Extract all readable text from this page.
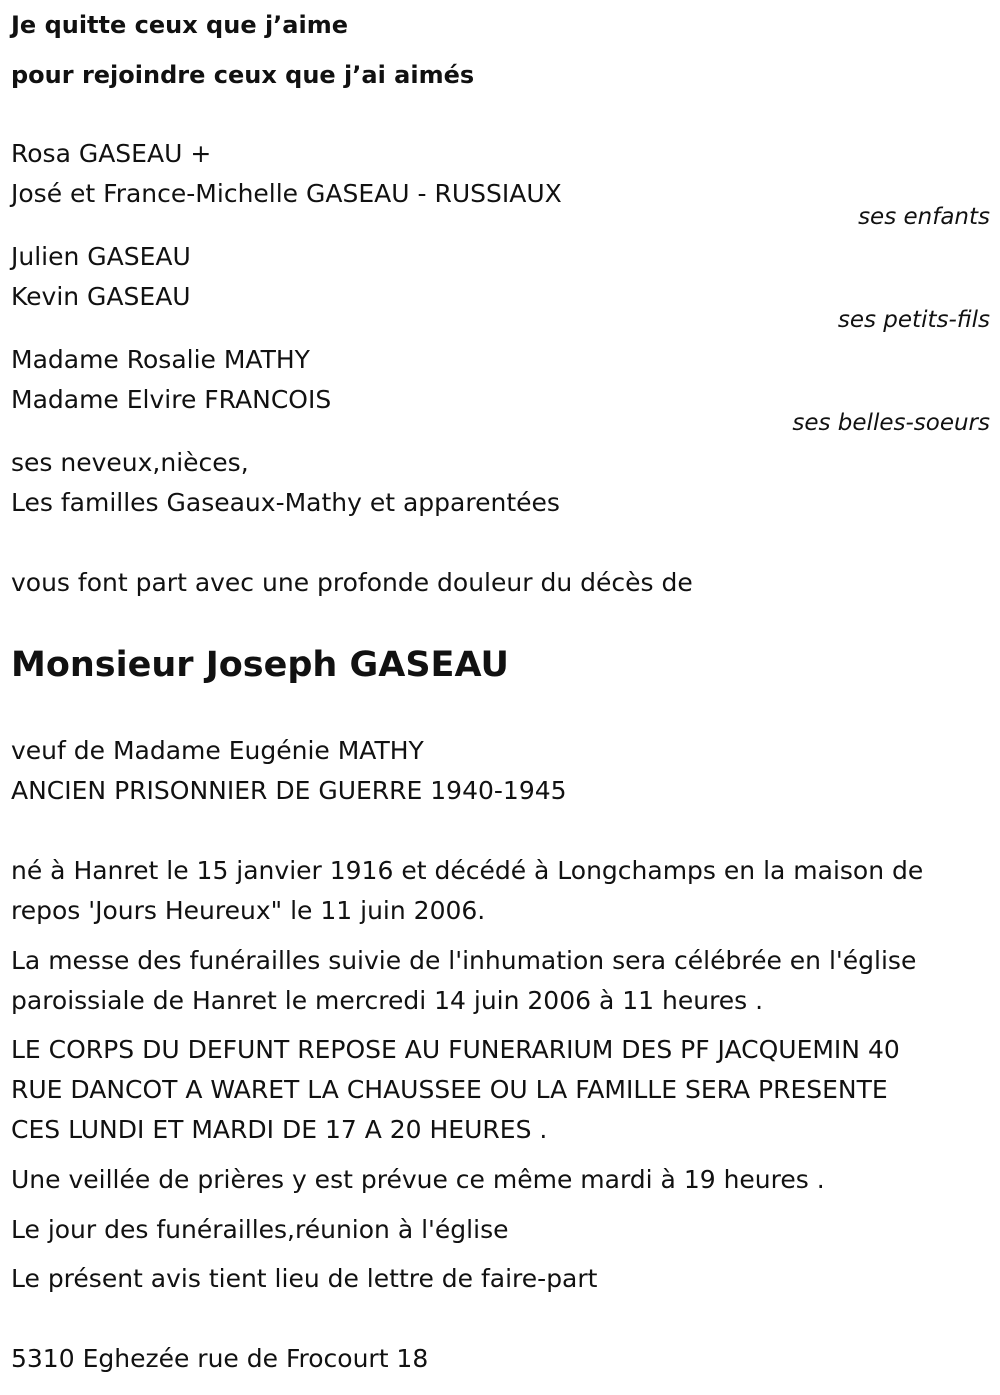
Je quitte ceux que j’aime
pour rejoindre ceux que j’ai aimés
Rosa GASEAU +
José et France-Michelle GASEAU - RUSSIAUX
ses enfants
Julien GASEAU
Kevin GASEAU
ses petits-fils
Madame Rosalie MATHY
Madame Elvire FRANCOIS
ses belles-soeurs
ses neveux,nièces,
Les familles Gaseaux-Mathy et apparentées
vous font part avec une profonde douleur du décès de
Monsieur Joseph GASEAU
veuf de Madame Eugénie MATHY
ANCIEN PRISONNIER DE GUERRE 1940-1945
né à Hanret le 15 janvier 1916 et décédé à Longchamps en la maison de
repos 'Jours Heureux" le 11 juin 2006.
La messe des funérailles suivie de l'inhumation sera célébrée en l'église
paroissiale de Hanret le mercredi 14 juin 2006 à 11 heures .
LE CORPS DU DEFUNT REPOSE AU FUNERARIUM DES PF JACQUEMIN 40
RUE DANCOT A WARET LA CHAUSSEE OU LA FAMILLE SERA PRESENTE
CES LUNDI ET MARDI DE 17 A 20 HEURES .
Une veillée de prières y est prévue ce même mardi à 19 heures .
Le jour des funérailles,réunion à l'église
Le présent avis tient lieu de lettre de faire-part
5310 Eghezée rue de Frocourt 18
